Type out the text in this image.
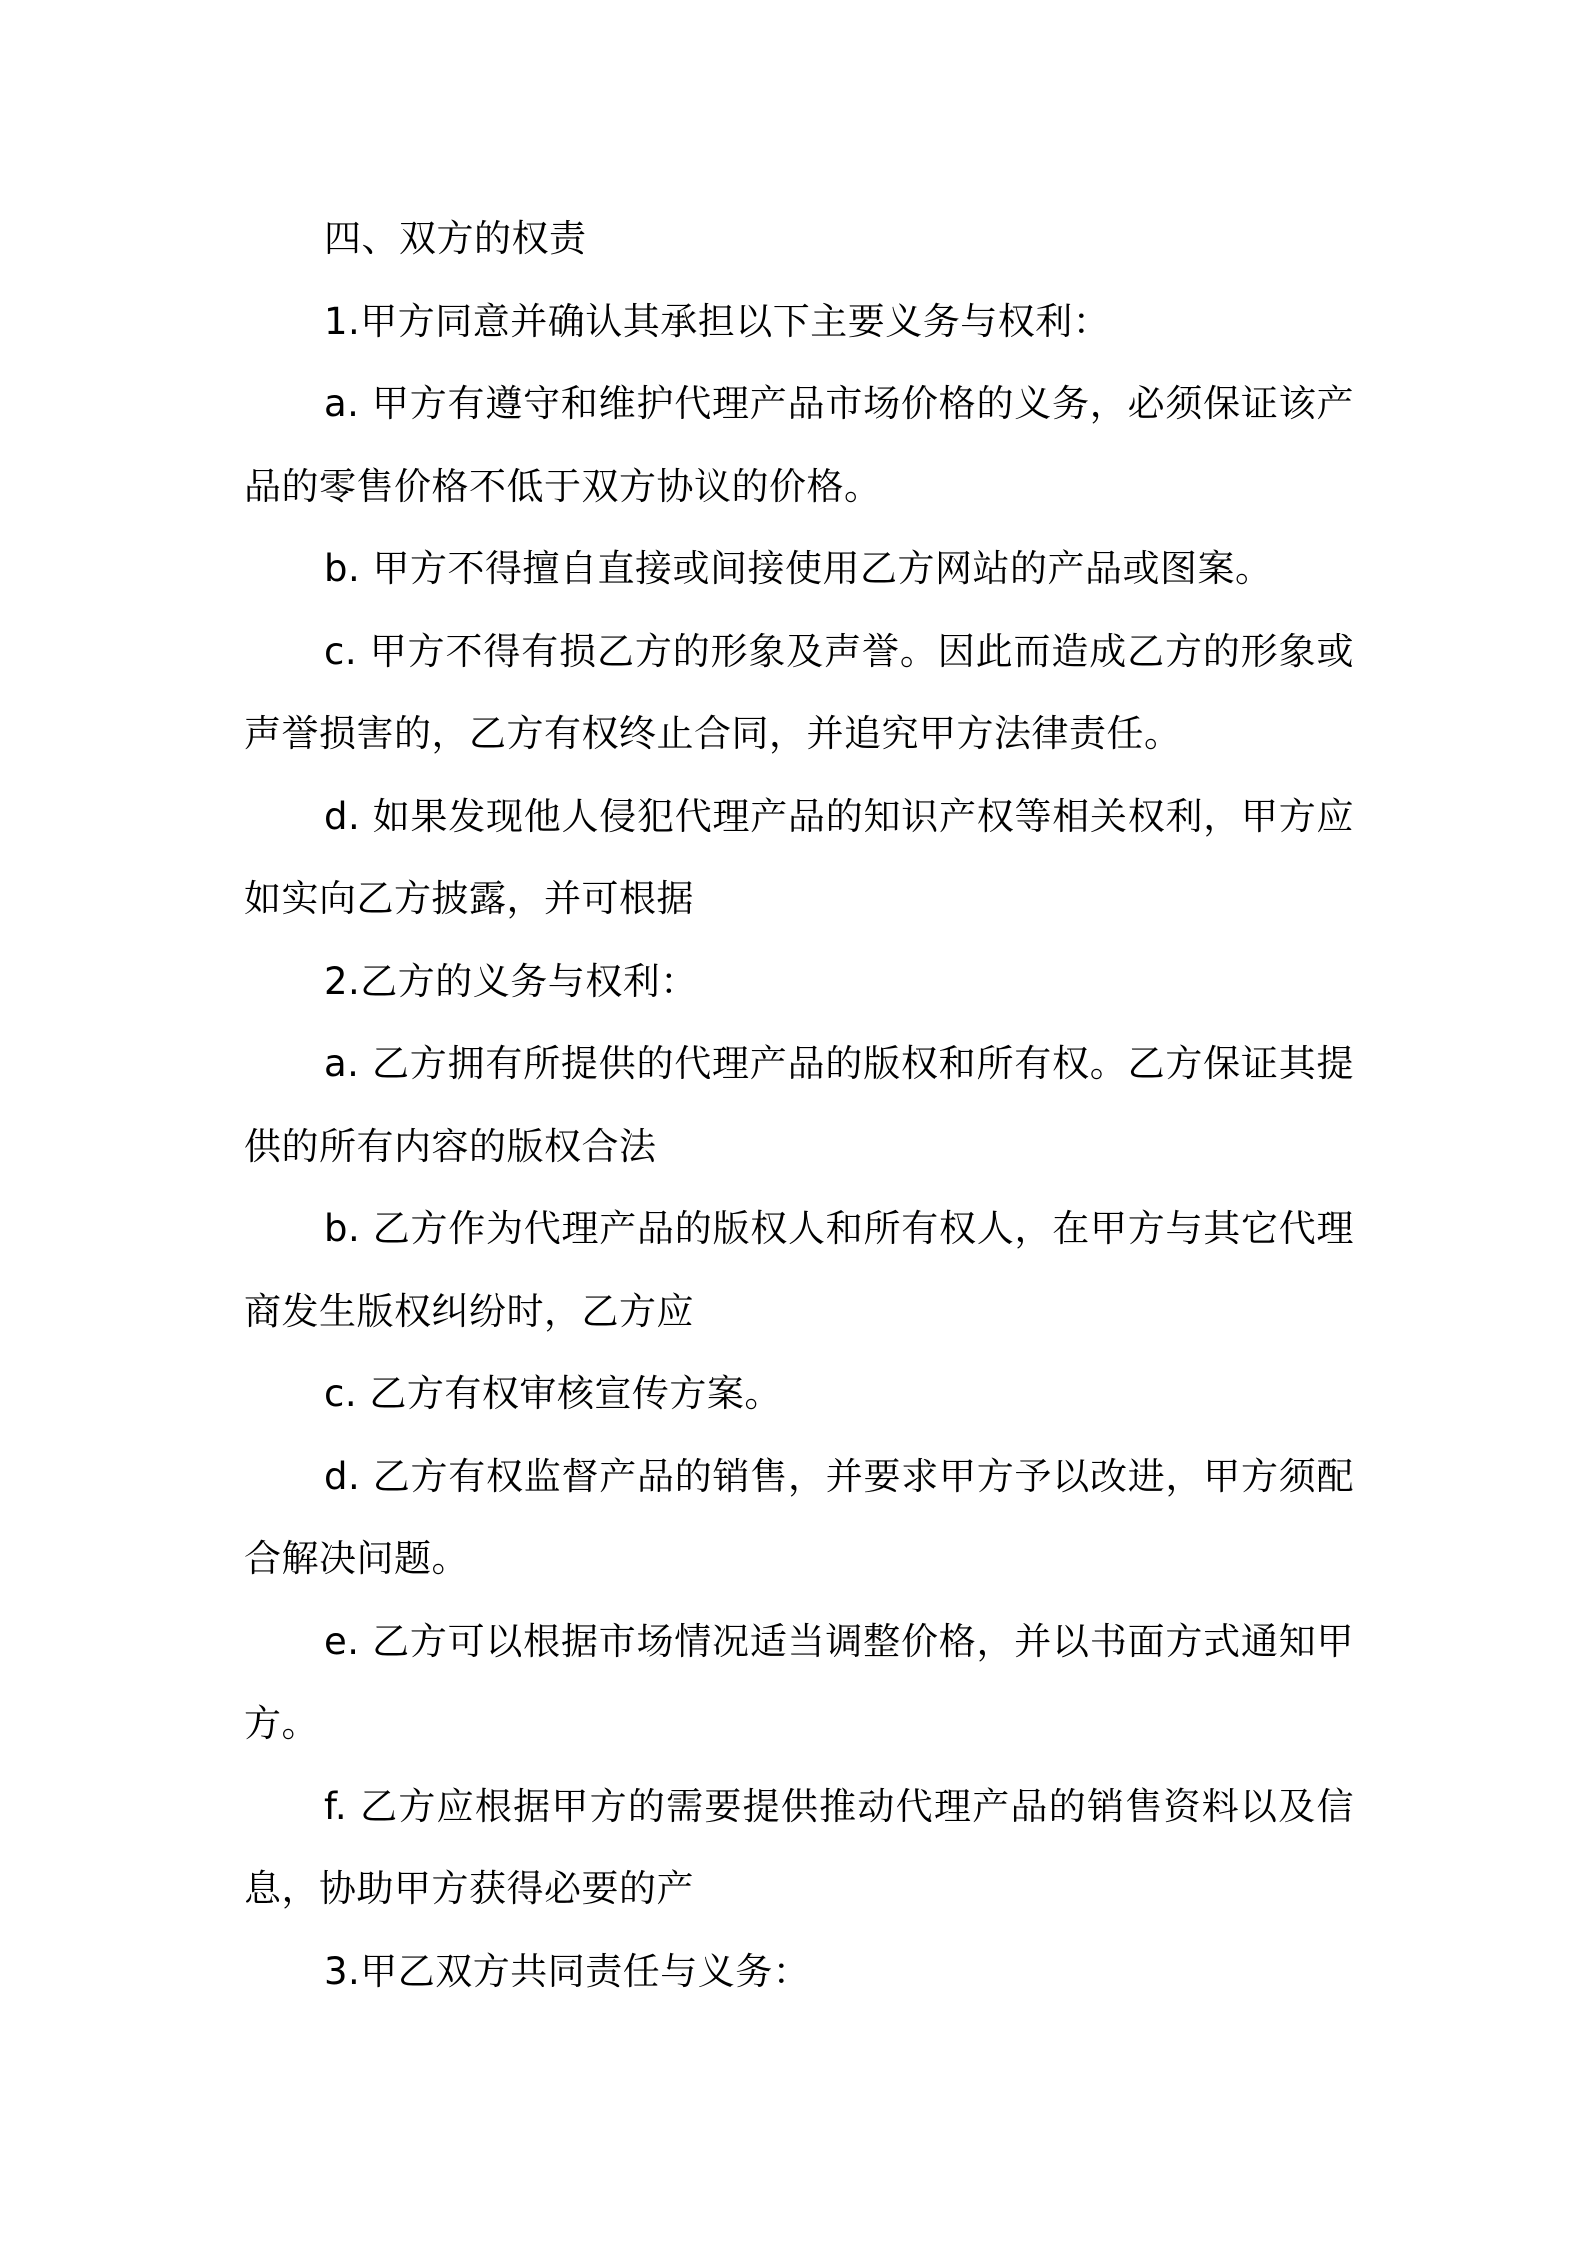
四、双方的权责

1.甲方同意并确认其承担以下主要义务与权利：

a. 甲方有遵守和维护代理产品市场价格的义务，必须保证该产品的零售价格不低于双方协议的价格。

b. 甲方不得擅自直接或间接使用乙方网站的产品或图案。

c. 甲方不得有损乙方的形象及声誉。因此而造成乙方的形象或声誉损害的，乙方有权终止合同，并追究甲方法律责任。

d. 如果发现他人侵犯代理产品的知识产权等相关权利，甲方应如实向乙方披露，并可根据

2.乙方的义务与权利：

a. 乙方拥有所提供的代理产品的版权和所有权。乙方保证其提供的所有内容的版权合法

b. 乙方作为代理产品的版权人和所有权人，在甲方与其它代理商发生版权纠纷时，乙方应

c. 乙方有权审核宣传方案。

d. 乙方有权监督产品的销售，并要求甲方予以改进，甲方须配合解决问题。

e. 乙方可以根据市场情况适当调整价格，并以书面方式通知甲方。

f. 乙方应根据甲方的需要提供推动代理产品的销售资料以及信息，协助甲方获得必要的产

3.甲乙双方共同责任与义务：
